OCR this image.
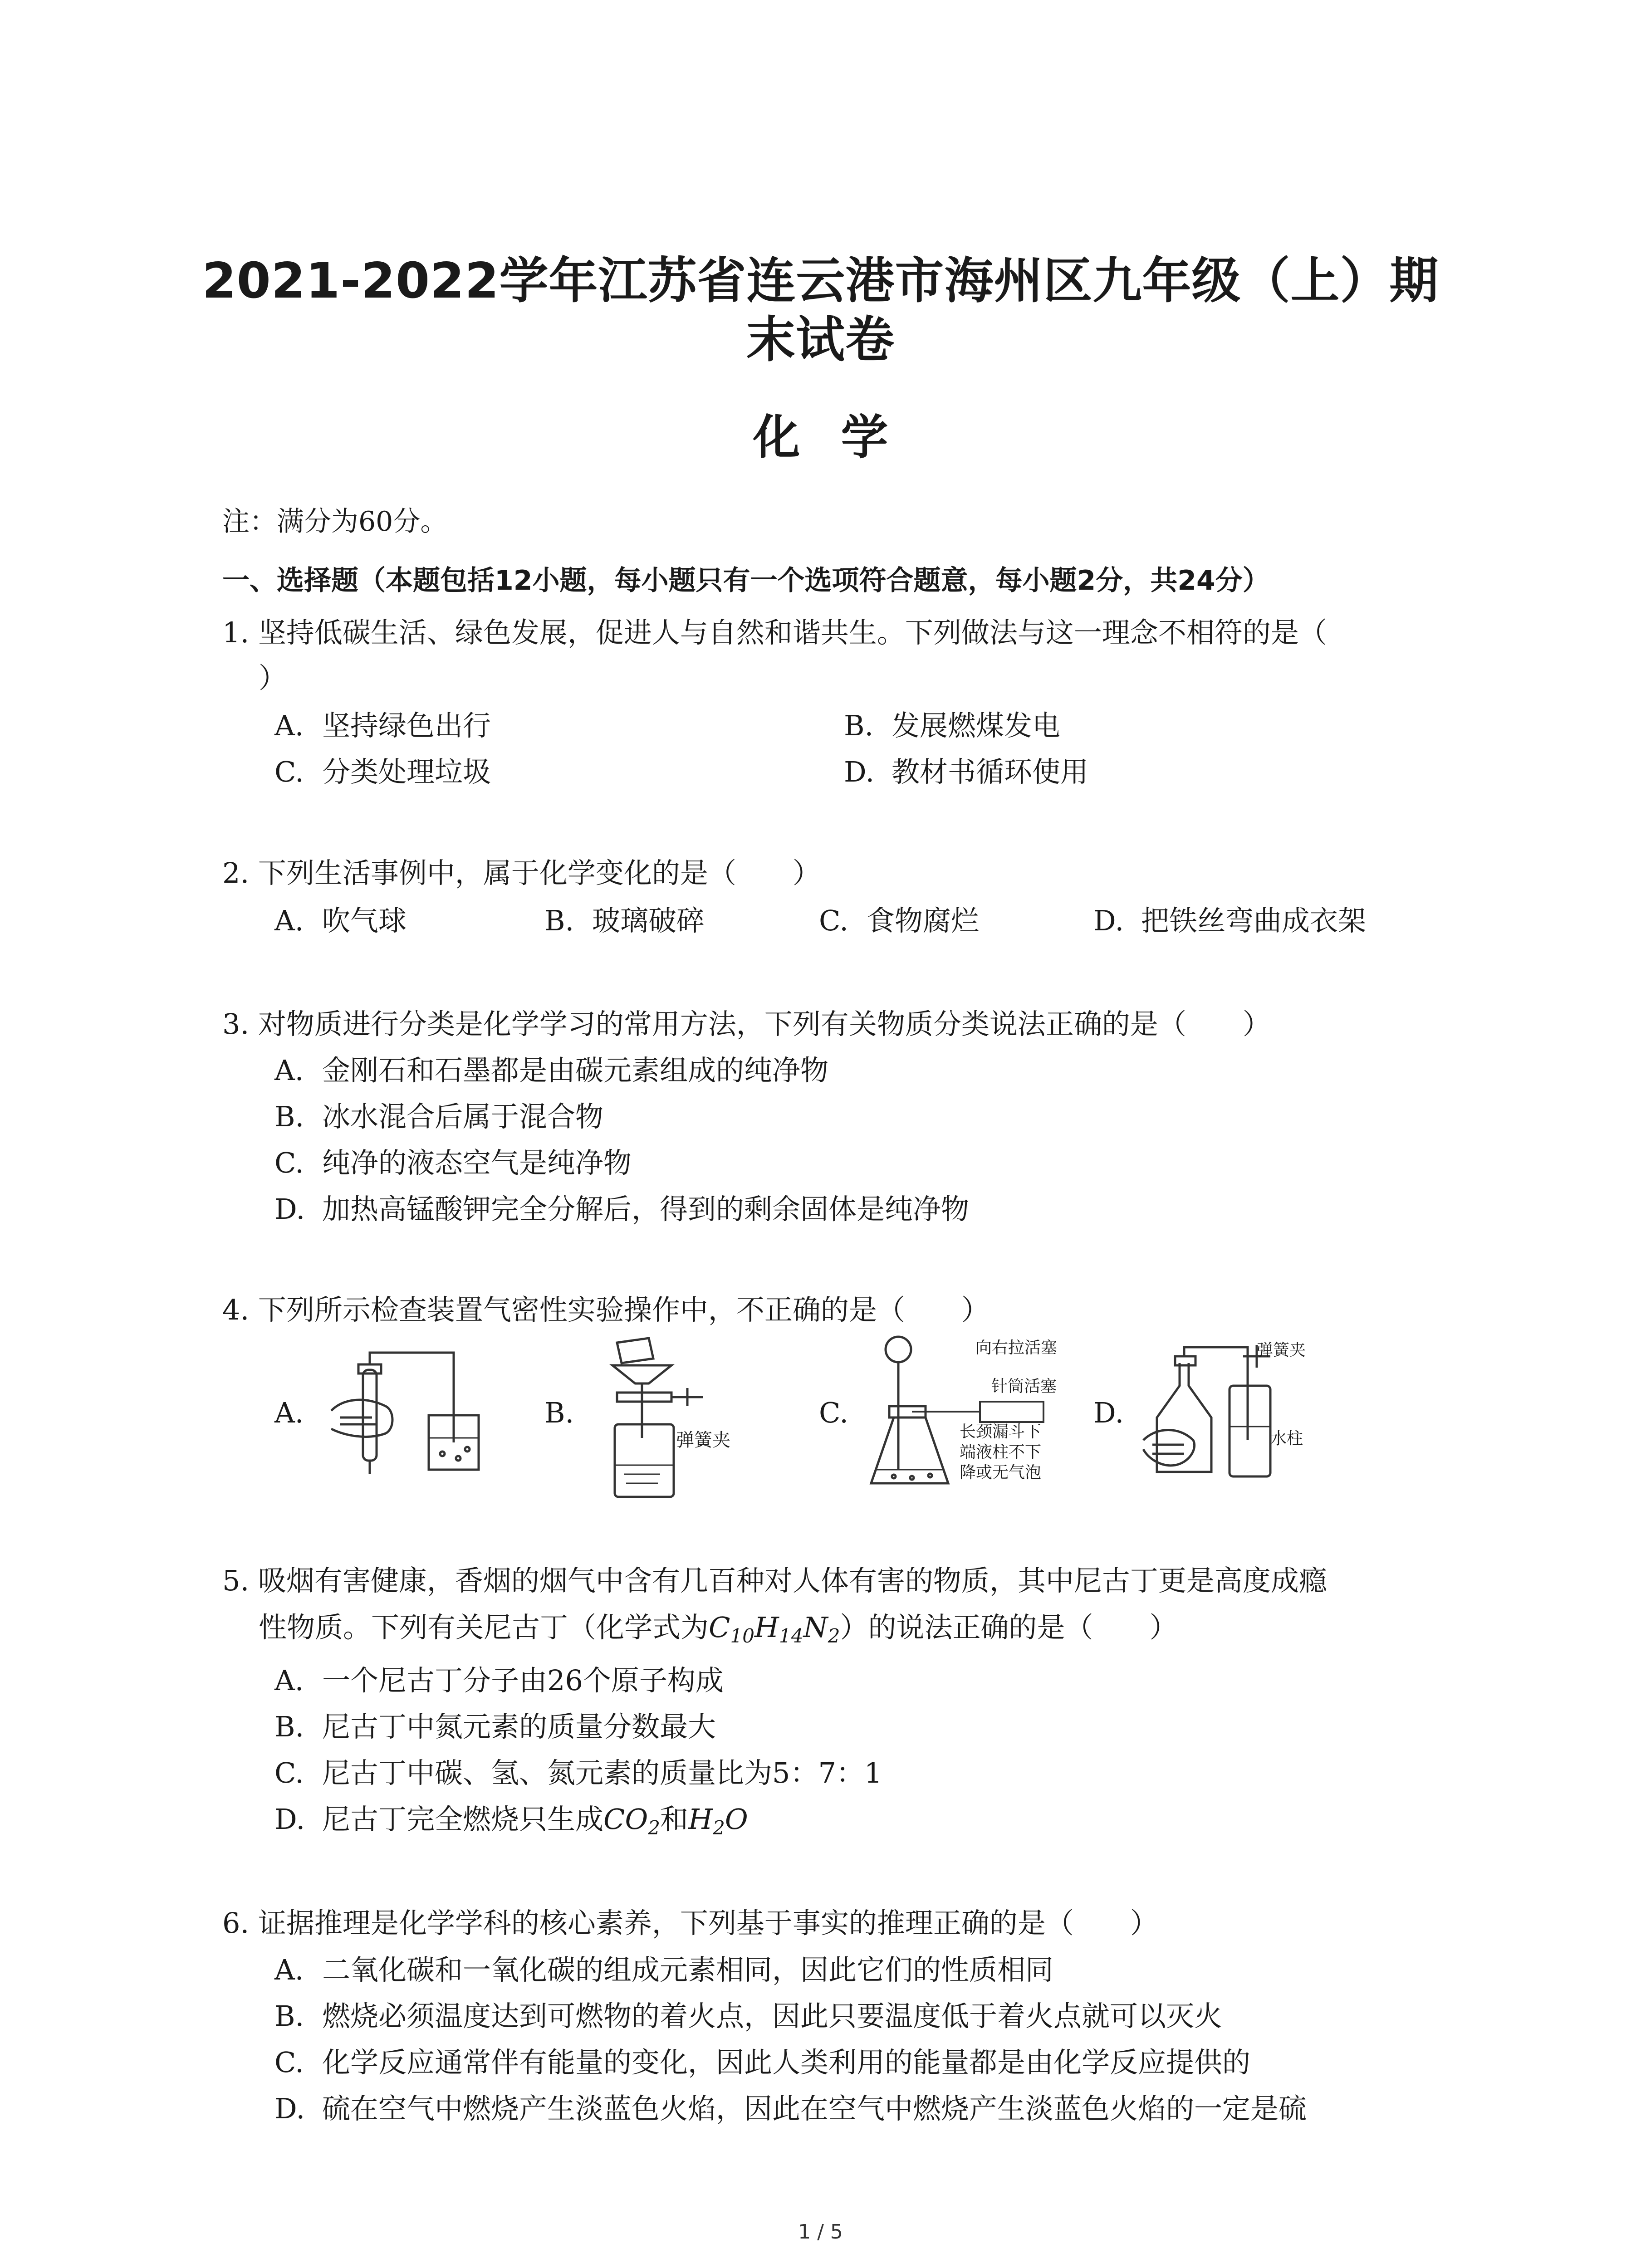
2021-2022学年江苏省连云港市海州区九年级（上）期
末试卷
化学
注：满分为60分。
一、选择题（本题包括12小题，每小题只有一个选项符合题意，每小题2分，共24分）
1. 坚持低碳生活、绿色发展，促进人与自然和谐共生。下列做法与这一理念不相符的是（
）
A. 坚持绿色出行	B. 发展燃煤发电
C. 分类处理垃圾	D. 教材书循环使用
2. 下列生活事例中，属于化学变化的是（　　）
A. 吹气球	B. 玻璃破碎	C. 食物腐烂	D. 把铁丝弯曲成衣架
3. 对物质进行分类是化学学习的常用方法，下列有关物质分类说法正确的是（　　）
A. 金刚石和石墨都是由碳元素组成的纯净物
B. 冰水混合后属于混合物
C. 纯净的液态空气是纯净物
D. 加热高锰酸钾完全分解后，得到的剩余固体是纯净物
4. 下列所示检查装置气密性实验操作中，不正确的是（　　）
A.	B.
弹簧夹
C.
向右拉活塞
针筒活塞
长颈漏斗下
端液柱不下
降或无气泡
D.
弹簧夹
水柱
5. 吸烟有害健康，香烟的烟气中含有几百种对人体有害的物质，其中尼古丁更是高度成瘾
性物质。下列有关尼古丁（化学式为$C_{10}H_{14}N_2$）的说法正确的是（　　）
A. 一个尼古丁分子由26个原子构成
B. 尼古丁中氮元素的质量分数最大
C. 尼古丁中碳、氢、氮元素的质量比为5：7：1
D. 尼古丁完全燃烧只生成$CO_2$和$H_2O$
6. 证据推理是化学学科的核心素养，下列基于事实的推理正确的是（　　）
A. 二氧化碳和一氧化碳的组成元素相同，因此它们的性质相同
B. 燃烧必须温度达到可燃物的着火点，因此只要温度低于着火点就可以灭火
C. 化学反应通常伴有能量的变化，因此人类利用的能量都是由化学反应提供的
D. 硫在空气中燃烧产生淡蓝色火焰，因此在空气中燃烧产生淡蓝色火焰的一定是硫
1 / 5
